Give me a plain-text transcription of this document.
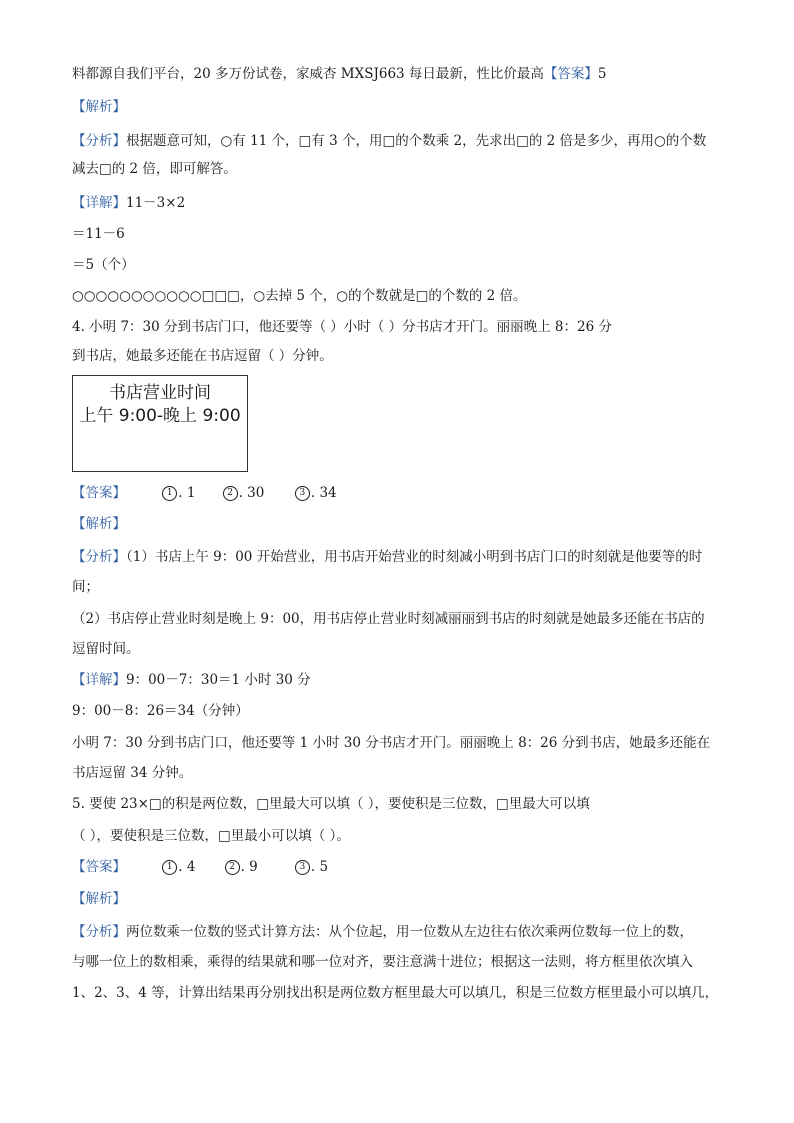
料都源自我们平台，20 多万份试卷，家威杏 MXSJ663 每日最新，性比价最高【答案】5
【解析】
【分析】根据题意可知，○有 11 个，□有 3 个，用□的个数乘 2，先求出□的 2 倍是多少，再用○的个数
减去□的 2 倍，即可解答。
【详解】11－3×2
＝11－6
＝5（个）
○○○○○○○○○○○□□□，○去掉 5 个，○的个数就是□的个数的 2 倍。
4. 小明 7：30 分到书店门口，他还要等（ ）小时（ ）分书店才开门。丽丽晚上 8：26 分
到书店，她最多还能在书店逗留（ ）分钟。
书店营业时间
上午 9:00-晚上 9:00
【答案】	1 . 1	2 . 30	3 . 34
【解析】
【分析】（1）书店上午 9：00 开始营业，用书店开始营业的时刻减小明到书店门口的时刻就是他要等的时
间；
（2）书店停止营业时刻是晚上 9：00，用书店停止营业时刻减丽丽到书店的时刻就是她最多还能在书店的
逗留时间。
【详解】9：00－7：30＝1 小时 30 分
9：00－8：26＝34（分钟）
小明 7：30 分到书店门口，他还要等 1 小时 30 分书店才开门。丽丽晚上 8：26 分到书店，她最多还能在
书店逗留 34 分钟。
5. 要使 23×□的积是两位数，□里最大可以填（ ），要使积是三位数，□里最大可以填
（ ），要使积是三位数，□里最小可以填（ ）。
【答案】	1 . 4	2 . 9	3 . 5
【解析】
【分析】两位数乘一位数的竖式计算方法：从个位起，用一位数从左边往右依次乘两位数每一位上的数，
与哪一位上的数相乘，乘得的结果就和哪一位对齐，要注意满十进位；根据这一法则，将方框里依次填入
1、2、3、4 等，计算出结果再分别找出积是两位数方框里最大可以填几，积是三位数方框里最小可以填几，
